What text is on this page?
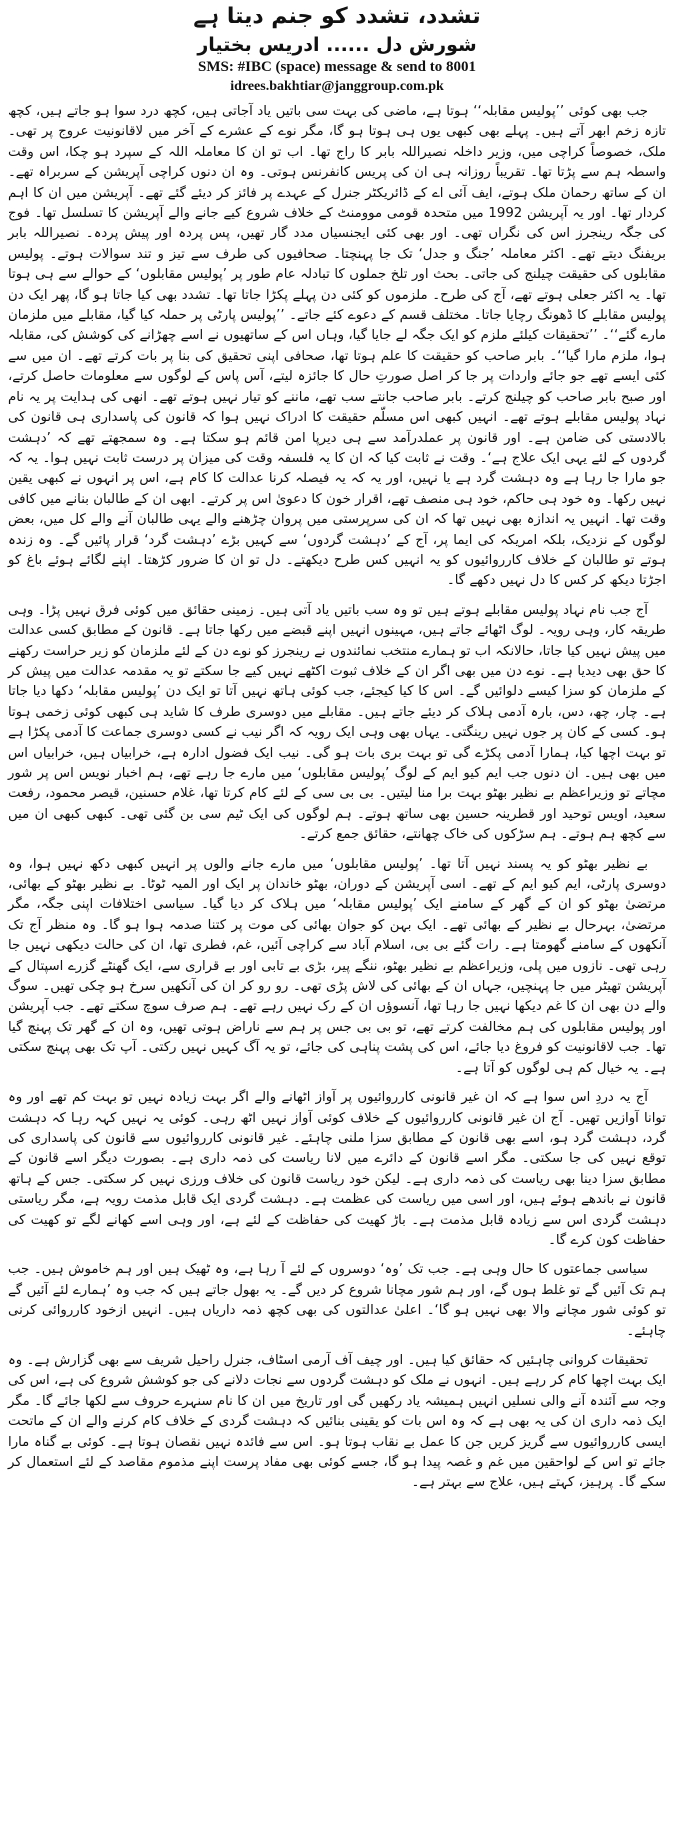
تشدد، تشدد کو جنم دیتا ہے
شورش دل ...... ادریس بختیار
SMS: #IBC (space) message & send to 8001
idrees.bakhtiar@janggroup.com.pk

جب بھی کوئی ’’پولیس مقابلہ‘‘ ہوتا ہے، ماضی کی بہت سی باتیں یاد آجاتی ہیں، کچھ درد سوا ہو جاتے ہیں، کچھ تازہ زخم ابھر آتے ہیں۔ پہلے بھی کبھی یوں ہی ہوتا ہو گا، مگر نوے کے عشرے کے آخر میں لاقانونیت عروج پر تھی۔ ملک، خصوصاً کراچی میں، وزیر داخلہ نصیراللہ بابر کا راج تھا۔ اب تو ان کا معاملہ اللہ کے سپرد ہو چکا، اس وقت واسطہ ہم سے پڑتا تھا۔ تقریباً روزانہ ہی ان کی پریس کانفرنس ہوتی۔ وہ ان دنوں کراچی آپریشن کے سربراہ تھے۔ ان کے ساتھ رحمان ملک ہوتے، ایف آئی اے کے ڈائریکٹر جنرل کے عہدے پر فائز کر دیئے گئے تھے۔ آپریشن میں ان کا اہم کردار تھا۔ اور یہ آپریشن 1992 میں متحدہ قومی موومنٹ کے خلاف شروع کیے جانے والے آپریشن کا تسلسل تھا۔ فوج کی جگہ رینجرز اس کی نگراں تھی۔ اور بھی کئی ایجنسیاں مدد گار تھیں، پس پردہ اور پیش پردہ۔ نصیراللہ بابر بریفنگ دیتے تھے۔ اکثر معاملہ ’جنگ و جدل‘ تک جا پہنچتا۔ صحافیوں کی طرف سے تیز و تند سوالات ہوتے۔ پولیس مقابلوں کی حقیقت چیلنج کی جاتی۔ بحث اور تلخ جملوں کا تبادلہ عام طور پر ’پولیس مقابلوں‘ کے حوالے سے ہی ہوتا تھا۔ یہ اکثر جعلی ہوتے تھے، آج کی طرح۔ ملزموں کو کئی دن پہلے پکڑا جاتا تھا۔ تشدد بھی کیا جاتا ہو گا، پھر ایک دن پولیس مقابلے کا ڈھونگ رچایا جاتا۔ مختلف قسم کے دعوے کئے جاتے۔ ’’پولیس پارٹی پر حملہ کیا گیا، مقابلے میں ملزمان مارے گئے‘‘۔ ’’تحقیقات کیلئے ملزم کو ایک جگہ لے جایا گیا، وہاں اس کے ساتھیوں نے اسے چھڑانے کی کوشش کی، مقابلہ ہوا، ملزم مارا گیا‘‘۔ بابر صاحب کو حقیقت کا علم ہوتا تھا، صحافی اپنی تحقیق کی بنا پر بات کرتے تھے۔ ان میں سے کئی ایسے تھے جو جائے واردات پر جا کر اصل صورتِ حال کا جائزہ لیتے، آس پاس کے لوگوں سے معلومات حاصل کرتے، اور صبح بابر صاحب کو چیلنج کرتے۔ بابر صاحب جانتے سب تھے، ماننے کو تیار نہیں ہوتے تھے۔ انھی کی ہدایت پر یہ نام نہاد پولیس مقابلے ہوتے تھے۔ انہیں کبھی اس مسلّم حقیقت کا ادراک نہیں ہوا کہ قانون کی پاسداری ہی قانون کی بالادستی کی ضامن ہے۔ اور قانون پر عملدرآمد سے ہی دیرپا امن قائم ہو سکتا ہے۔ وہ سمجھتے تھے کہ ’دہشت گردوں کے لئے یہی ایک علاج ہے‘۔ وقت نے ثابت کیا کہ ان کا یہ فلسفہ وقت کی میزان پر درست ثابت نہیں ہوا۔ یہ کہ جو مارا جا رہا ہے وہ دہشت گرد ہے یا نہیں، اور یہ کہ یہ فیصلہ کرنا عدالت کا کام ہے، اس پر انہوں نے کبھی یقین نہیں رکھا۔ وہ خود ہی حاکم، خود ہی منصف تھے، اقرار خون کا دعویٰ اس پر کرتے۔ ابھی ان کے طالبان بنانے میں کافی وقت تھا۔ انہیں یہ اندازہ بھی نہیں تھا کہ ان کی سرپرستی میں پروان چڑھنے والے یہی طالبان آنے والے کل میں، بعض لوگوں کے نزدیک، بلکہ امریکہ کی ایما پر، آج کے ’دہشت گردوں‘ سے کہیں بڑے ’دہشت گرد‘ قرار پائیں گے۔ وہ زندہ ہوتے تو طالبان کے خلاف کارروائیوں کو یہ انہیں کس طرح دیکھتے۔ دل تو ان کا ضرور کڑھتا۔ اپنے لگائے ہوئے باغ کو اجڑتا دیکھ کر کس کا دل نہیں دکھے گا۔

آج جب نام نہاد پولیس مقابلے ہوتے ہیں تو وہ سب باتیں یاد آتی ہیں۔ زمینی حقائق میں کوئی فرق نہیں پڑا۔ وہی طریقہ کار، وہی رویہ۔ لوگ اٹھائے جاتے ہیں، مہینوں انہیں اپنے قبضے میں رکھا جاتا ہے۔ قانون کے مطابق کسی عدالت میں پیش نہیں کیا جاتا، حالانکہ اب تو ہمارے منتخب نمائندوں نے رینجرز کو نوے دن کے لئے ملزمان کو زیر حراست رکھنے کا حق بھی دیدیا ہے۔ نوے دن میں بھی اگر ان کے خلاف ثبوت اکٹھے نہیں کیے جا سکتے تو یہ مقدمہ عدالت میں پیش کر کے ملزمان کو سزا کیسے دلوائیں گے۔ اس کا کیا کیجئے، جب کوئی ہاتھ نہیں آتا تو ایک دن ’پولیس مقابلہ‘ دکھا دیا جاتا ہے۔ چار، چھ، دس، بارہ آدمی ہلاک کر دیئے جاتے ہیں۔ مقابلے میں دوسری طرف کا شاید ہی کبھی کوئی زخمی ہوتا ہو۔ کسی کے کان پر جوں نہیں رینگتی۔ یہاں بھی وہی ایک رویہ کہ اگر نیب نے کسی دوسری جماعت کا آدمی پکڑا ہے تو بہت اچھا کیا، ہمارا آدمی پکڑے گی تو بہت بری بات ہو گی۔ نیب ایک فضول ادارہ ہے، خرابیاں ہیں، خرابیاں اس میں بھی ہیں۔ ان دنوں جب ایم کیو ایم کے لوگ ’پولیس مقابلوں‘ میں مارے جا رہے تھے، ہم اخبار نویس اس پر شور مچاتے تو وزیراعظم بے نظیر بھٹو بہت برا منا لیتیں۔ بی بی سی کے لئے کام کرتا تھا، غلام حسنین، قیصر محمود، رفعت سعید، اویس توحید اور قطرینہ حسین بھی ساتھ ہوتے۔ ہم لوگوں کی ایک ٹیم سی بن گئی تھی۔ کبھی کبھی ان میں سے کچھ ہم ہوتے۔ ہم سڑکوں کی خاک چھانتے، حقائق جمع کرتے۔

بے نظیر بھٹو کو یہ پسند نہیں آتا تھا۔ ’پولیس مقابلوں‘ میں مارے جانے والوں پر انہیں کبھی دکھ نہیں ہوا، وہ دوسری پارٹی، ایم کیو ایم کے تھے۔ اسی آپریشن کے دوران، بھٹو خاندان پر ایک اور المیہ ٹوٹا۔ بے نظیر بھٹو کے بھائی، مرتضیٰ بھٹو کو ان کے گھر کے سامنے ایک ’پولیس مقابلہ‘ میں ہلاک کر دیا گیا۔ سیاسی اختلافات اپنی جگہ، مگر مرتضیٰ، بہرحال بے نظیر کے بھائی تھے۔ ایک بہن کو جوان بھائی کی موت پر کتنا صدمہ ہوا ہو گا۔ وہ منظر آج تک آنکھوں کے سامنے گھومتا ہے۔ رات گئے بی بی، اسلام آباد سے کراچی آئیں، غم، فطری تھا، ان کی حالت دیکھی نہیں جا رہی تھی۔ نازوں میں پلی، وزیراعظم بے نظیر بھٹو، ننگے پیر، بڑی بے تابی اور بے قراری سے، ایک گھنٹے گزرے اسپتال کے آپریشن تھیٹر میں جا پہنچیں، جہاں ان کے بھائی کی لاش پڑی تھی۔ رو رو کر ان کی آنکھیں سرخ ہو چکی تھیں۔ سوگ والے دن بھی ان کا غم دیکھا نہیں جا رہا تھا، آنسوؤں ان کے رک نہیں رہے تھے۔ ہم صرف سوچ سکتے تھے۔ جب آپریشن اور پولیس مقابلوں کی ہم مخالفت کرتے تھے، تو بی بی جس پر ہم سے ناراض ہوتی تھیں، وہ ان کے گھر تک پہنچ گیا تھا۔ جب لاقانونیت کو فروغ دیا جائے، اس کی پشت پناہی کی جائے، تو یہ آگ کہیں نہیں رکتی۔ آپ تک بھی پہنچ سکتی ہے۔ یہ خیال کم ہی لوگوں کو آتا ہے۔

آج یہ دردِ اس سوا ہے کہ ان غیر قانونی کارروائیوں پر آواز اٹھانے والے اگر بہت زیادہ نہیں تو بہت کم تھے اور وہ توانا آوازیں تھیں۔ آج ان غیر قانونی کارروائیوں کے خلاف کوئی آواز نہیں اٹھ رہی۔ کوئی یہ نہیں کہہ رہا کہ دہشت گرد، دہشت گرد ہو، اسے بھی قانون کے مطابق سزا ملنی چاہئے۔ غیر قانونی کارروائیوں سے قانون کی پاسداری کی توقع نہیں کی جا سکتی۔ مگر اسے قانون کے دائرے میں لانا ریاست کی ذمہ داری ہے۔ بصورت دیگر اسے قانون کے مطابق سزا دینا بھی ریاست کی ذمہ داری ہے۔ لیکن خود ریاست قانون کی خلاف ورزی نہیں کر سکتی۔ جس کے ہاتھ قانون نے باندھے ہوئے ہیں، اور اسی میں ریاست کی عظمت ہے۔ دہشت گردی ایک قابل مذمت رویہ ہے، مگر ریاستی دہشت گردی اس سے زیادہ قابل مذمت ہے۔ باڑ کھیت کی حفاظت کے لئے ہے، اور وہی اسے کھانے لگے تو کھیت کی حفاظت کون کرے گا۔

سیاسی جماعتوں کا حال وہی ہے۔ جب تک ’وہ‘ دوسروں کے لئے آ رہا ہے، وہ ٹھیک ہیں اور ہم خاموش ہیں۔ جب ہم تک آئیں گے تو غلط ہوں گے، اور ہم شور مچانا شروع کر دیں گے۔ یہ بھول جاتے ہیں کہ جب وہ ’ہمارے لئے آئیں گے تو کوئی شور مچانے والا بھی نہیں ہو گا‘۔ اعلیٰ عدالتوں کی بھی کچھ ذمہ داریاں ہیں۔ انہیں ازخود کارروائی کرنی چاہئے۔

تحقیقات کروانی چاہئیں کہ حقائق کیا ہیں۔ اور چیف آف آرمی اسٹاف، جنرل راحیل شریف سے بھی گزارش ہے۔ وہ ایک بہت اچھا کام کر رہے ہیں۔ انہوں نے ملک کو دہشت گردوں سے نجات دلانے کی جو کوشش شروع کی ہے، اس کی وجہ سے آئندہ آنے والی نسلیں انہیں ہمیشہ یاد رکھیں گی اور تاریخ میں ان کا نام سنہرے حروف سے لکھا جائے گا۔ مگر ایک ذمہ داری ان کی یہ بھی ہے کہ وہ اس بات کو یقینی بنائیں کہ دہشت گردی کے خلاف کام کرنے والے ان کے ماتحت ایسی کارروائیوں سے گریز کریں جن کا عمل بے نقاب ہوتا ہو۔ اس سے فائدہ نہیں نقصان ہوتا ہے۔ کوئی بے گناہ مارا جائے تو اس کے لواحقین میں غم و غصہ پیدا ہو گا، جسے کوئی بھی مفاد پرست اپنے مذموم مقاصد کے لئے استعمال کر سکے گا۔ پرہیز، کہتے ہیں، علاج سے بہتر ہے۔
